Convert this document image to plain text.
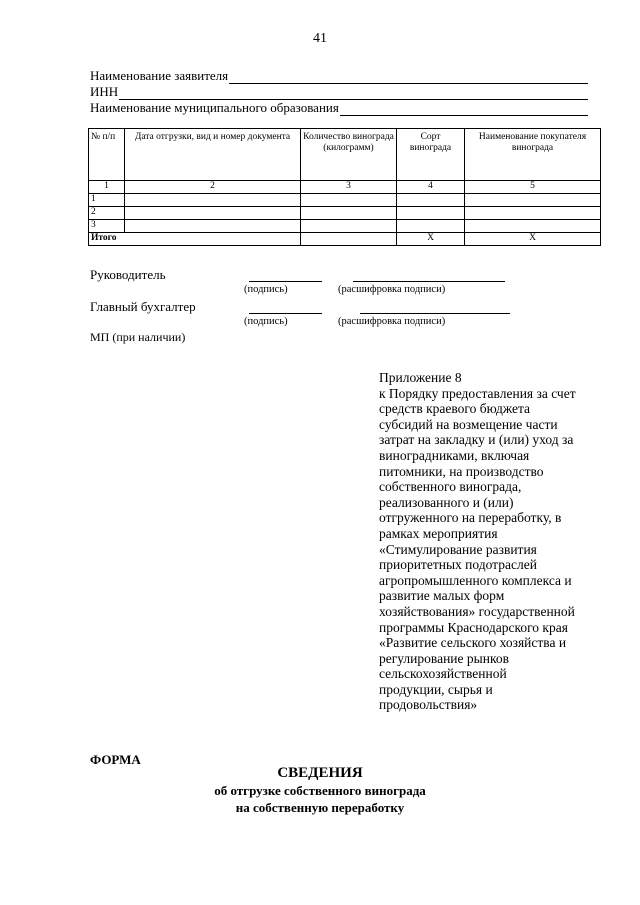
41
Наименование заявителя
ИНН
Наименование муниципального образования
№ п/п	Дата отгрузки, вид и номер документа	Количество винограда (килограмм)	Сорт винограда	Наименование покупателя винограда
1	2	3	4	5
1				
2				
3				
Итого			X	X
Руководитель
(подпись)	(расшифровка подписи)
Главный бухгалтер
(подпись)	(расшифровка подписи)
МП (при наличии)
Приложение 8
к Порядку предоставления за счет
средств краевого бюджета
субсидий на возмещение части
затрат на закладку и (или) уход за
виноградниками, включая
питомники, на производство
собственного винограда,
реализованного и (или)
отгруженного на переработку, в
рамках мероприятия
«Стимулирование развития
приоритетных подотраслей
агропромышленного комплекса и
развитие малых форм
хозяйствования» государственной
программы Краснодарского края
«Развитие сельского хозяйства и
регулирование рынков
сельскохозяйственной
продукции, сырья и
продовольствия»
ФОРМА
СВЕДЕНИЯ
об отгрузке собственного винограда
на собственную переработку
